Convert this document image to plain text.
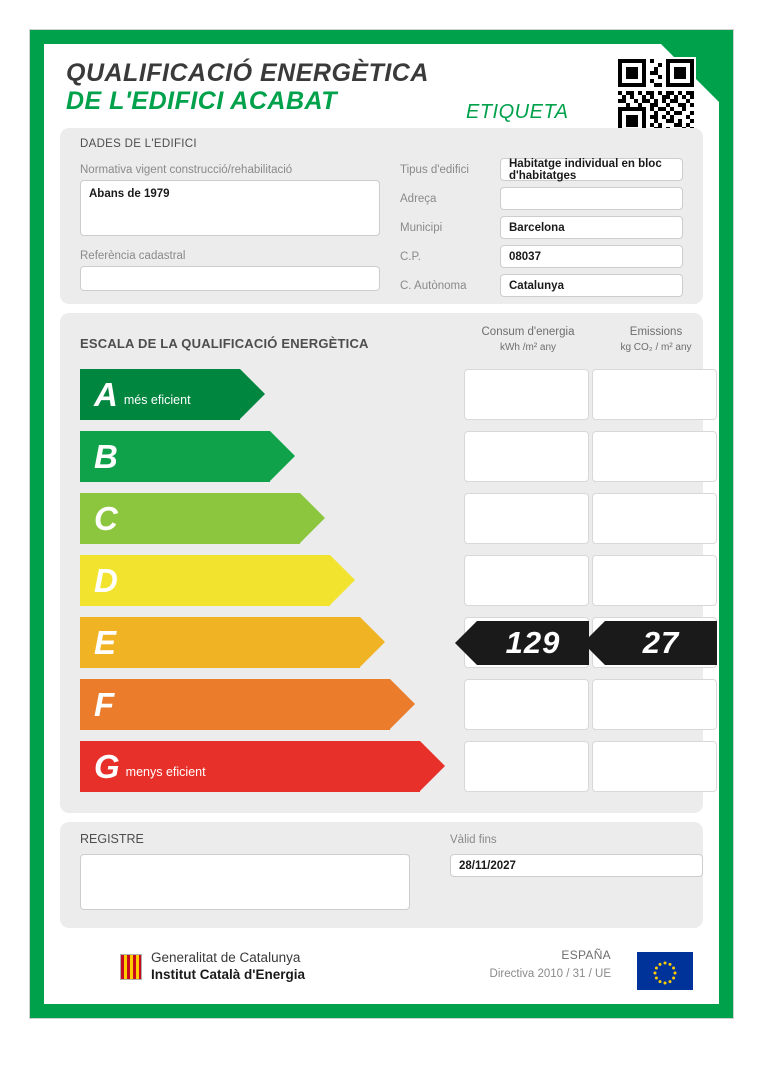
QUALIFICACIÓ ENERGÈTICA
DE L'EDIFICI ACABAT	ETIQUETA
DADES DE L'EDIFICI
Normativa vigent construcció/rehabilitació
Abans de 1979
Referència cadastral
Tipus d'edifici	Habitatge individual en bloc d'habitatges
Adreça
Municipi	Barcelona
C.P.	08037
C. Autònoma	Catalunya
ESCALA DE LA QUALIFICACIÓ ENERGÈTICA
Consum d'energia
kWh /m² any
Emissions
kg CO₂ / m² any
A més eficient
B
C
D
E	129	27
F
G menys eficient
REGISTRE	Vàlid fins
28/11/2027
Generalitat de Catalunya
Institut Català d'Energia
ESPAÑA
Directiva 2010 / 31 / UE
